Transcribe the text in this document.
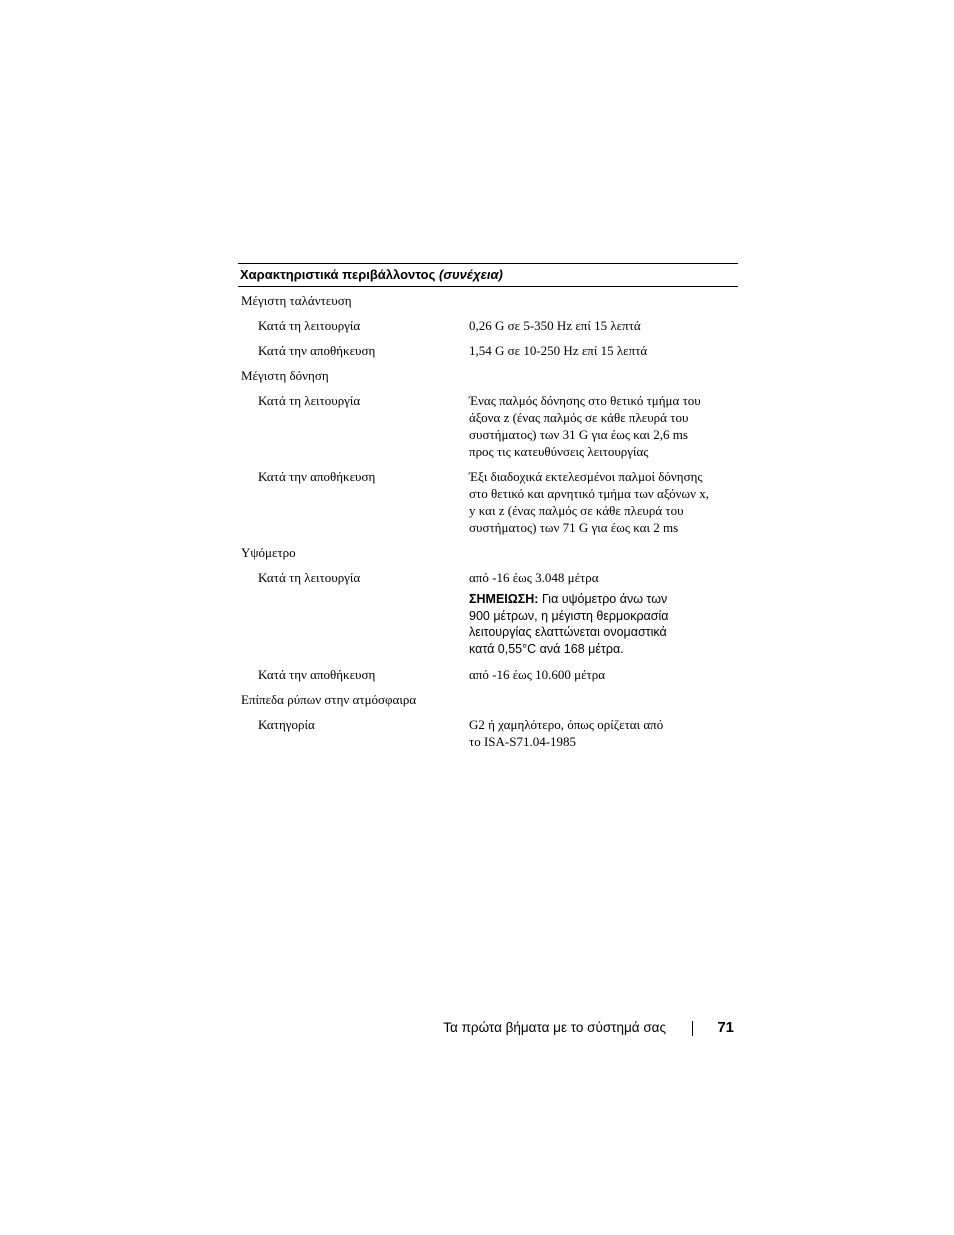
Χαρακτηριστικά περιβάλλοντος (συνέχεια)
Μέγιστη ταλάντευση
Κατά τη λειτουργία	0,26 G σε 5-350 Hz επί 15 λεπτά
Κατά την αποθήκευση	1,54 G σε 10-250 Hz επί 15 λεπτά
Μέγιστη δόνηση
Κατά τη λειτουργία	Ένας παλμός δόνησης στο θετικό τμήμα του
άξονα z (ένας παλμός σε κάθε πλευρά του
συστήματος) των 31 G για έως και 2,6 ms
προς τις κατευθύνσεις λειτουργίας
Κατά την αποθήκευση	Έξι διαδοχικά εκτελεσμένοι παλμοί δόνησης
στο θετικό και αρνητικό τμήμα των αξόνων x,
y και z (ένας παλμός σε κάθε πλευρά του
συστήματος) των 71 G για έως και 2 ms
Υψόμετρο
Κατά τη λειτουργία	από -16 έως 3.048 μέτρα
ΣΗΜΕΙΩΣΗ: Για υψόμετρο άνω των
900 μέτρων, η μέγιστη θερμοκρασία
λειτουργίας ελαττώνεται ονομαστικά
κατά 0,55°C ανά 168 μέτρα.
Κατά την αποθήκευση	από -16 έως 10.600 μέτρα
Επίπεδα ρύπων στην ατμόσφαιρα
Κατηγορία	G2 ή χαμηλότερο, όπως ορίζεται από
το ISA-S71.04-1985
Τα πρώτα βήματα με το σύστημά σας	71
